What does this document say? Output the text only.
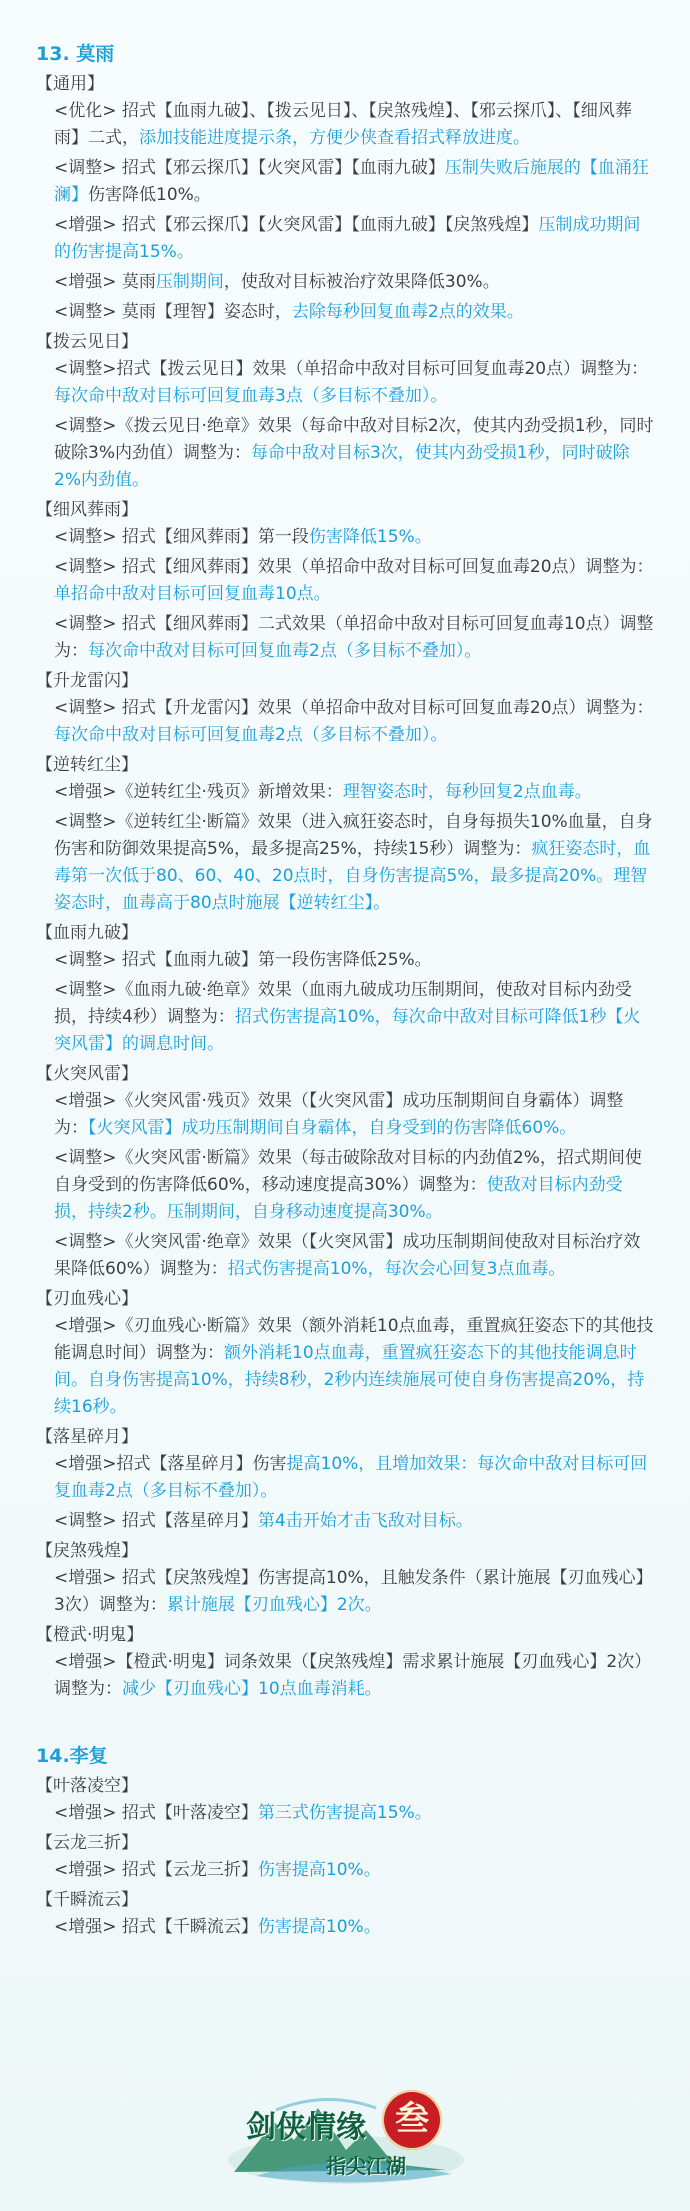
13. 莫雨
【通用】
<优化> 招式【血雨九破】、【拨云见日】、【戾煞残煌】、【邪云探爪】、【细风葬雨】二式，添加技能进度提示条，方便少侠查看招式释放进度。
<调整> 招式【邪云探爪】【火突风雷】【血雨九破】压制失败后施展的【血涌狂澜】伤害降低10%。
<增强> 招式【邪云探爪】【火突风雷】【血雨九破】【戾煞残煌】压制成功期间的伤害提高15%。
<增强> 莫雨压制期间，使敌对目标被治疗效果降低30%。
<调整> 莫雨【理智】姿态时，去除每秒回复血毒2点的效果。
【拨云见日】
<调整>招式【拨云见日】效果（单招命中敌对目标可回复血毒20点）调整为：每次命中敌对目标可回复血毒3点（多目标不叠加）。
<调整>《拨云见日·绝章》效果（每命中敌对目标2次，使其内劲受损1秒，同时破除3%内劲值）调整为：每命中敌对目标3次，使其内劲受损1秒，同时破除2%内劲值。
【细风葬雨】
<调整> 招式【细风葬雨】第一段伤害降低15%。
<调整> 招式【细风葬雨】效果（单招命中敌对目标可回复血毒20点）调整为：单招命中敌对目标可回复血毒10点。
<调整> 招式【细风葬雨】二式效果（单招命中敌对目标可回复血毒10点）调整为：每次命中敌对目标可回复血毒2点（多目标不叠加）。
【升龙雷闪】
<调整> 招式【升龙雷闪】效果（单招命中敌对目标可回复血毒20点）调整为：每次命中敌对目标可回复血毒2点（多目标不叠加）。
【逆转红尘】
<增强>《逆转红尘·残页》新增效果：理智姿态时，每秒回复2点血毒。
<调整>《逆转红尘·断篇》效果（进入疯狂姿态时，自身每损失10%血量，自身伤害和防御效果提高5%，最多提高25%，持续15秒）调整为：疯狂姿态时，血毒第一次低于80、60、40、20点时，自身伤害提高5%，最多提高20%。理智姿态时，血毒高于80点时施展【逆转红尘】。
【血雨九破】
<调整> 招式【血雨九破】第一段伤害降低25%。
<调整>《血雨九破·绝章》效果（血雨九破成功压制期间，使敌对目标内劲受损，持续4秒）调整为：招式伤害提高10%，每次命中敌对目标可降低1秒【火突风雷】的调息时间。
【火突风雷】
<增强>《火突风雷·残页》效果（【火突风雷】成功压制期间自身霸体）调整为：【火突风雷】成功压制期间自身霸体，自身受到的伤害降低60%。
<调整>《火突风雷·断篇》效果（每击破除敌对目标的内劲值2%，招式期间使自身受到的伤害降低60%，移动速度提高30%）调整为：使敌对目标内劲受损，持续2秒。压制期间，自身移动速度提高30%。
<调整>《火突风雷·绝章》效果（【火突风雷】成功压制期间使敌对目标治疗效果降低60%）调整为：招式伤害提高10%，每次会心回复3点血毒。
【刃血残心】
<增强>《刃血残心·断篇》效果（额外消耗10点血毒，重置疯狂姿态下的其他技能调息时间）调整为：额外消耗10点血毒，重置疯狂姿态下的其他技能调息时间。自身伤害提高10%，持续8秒，2秒内连续施展可使自身伤害提高20%，持续16秒。
【落星碎月】
<增强>招式【落星碎月】伤害提高10%，且增加效果：每次命中敌对目标可回复血毒2点（多目标不叠加）。
<调整> 招式【落星碎月】第4击开始才击飞敌对目标。
【戾煞残煌】
<增强> 招式【戾煞残煌】伤害提高10%，且触发条件（累计施展【刃血残心】3次）调整为：累计施展【刃血残心】2次。
【橙武·明鬼】
<增强>【橙武·明鬼】词条效果（【戾煞残煌】需求累计施展【刃血残心】2次）调整为：减少【刃血残心】10点血毒消耗。
14.李复
【叶落凌空】
<增强> 招式【叶落凌空】第三式伤害提高15%。
【云龙三折】
<增强> 招式【云龙三折】伤害提高10%。
【千瞬流云】
<增强> 招式【千瞬流云】伤害提高10%。
剑侠情缘 叁
指尖江湖
